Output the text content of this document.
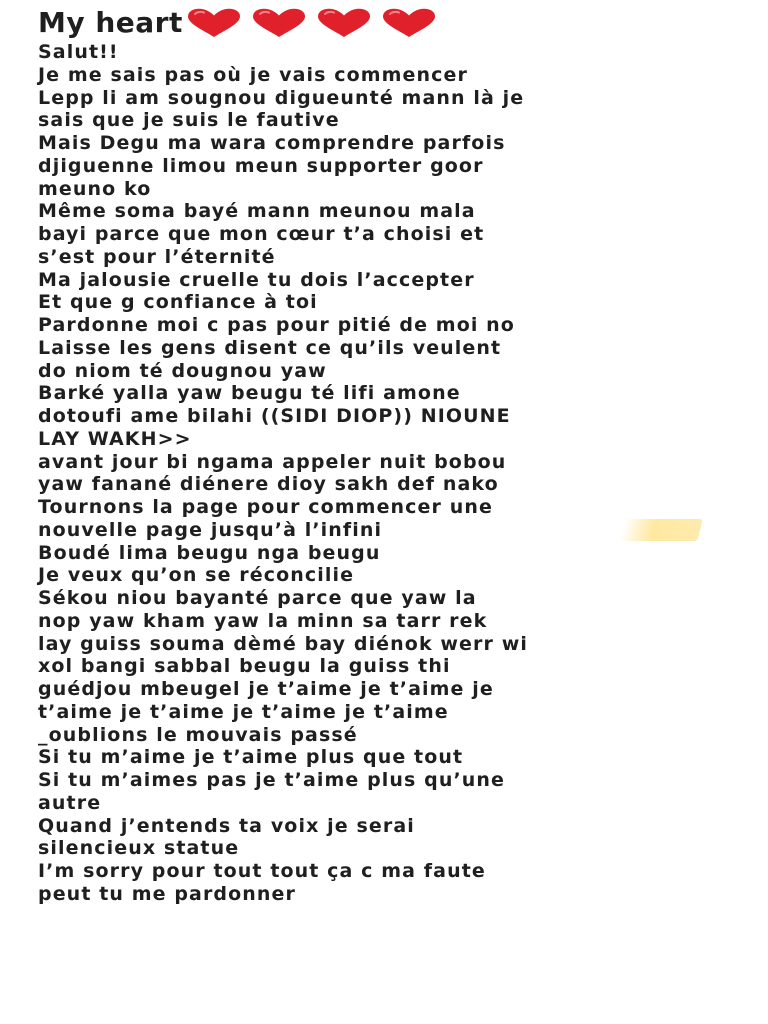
My heart
Salut!!
Je me sais pas où je vais commencer
Lepp li am sougnou digueunté mann là je
sais que je suis le fautive
Mais Degu ma wara comprendre parfois
djiguenne limou meun supporter goor
meuno ko
Même soma bayé mann meunou mala
bayi parce que mon cœur t’a choisi et
s’est pour l’éternité
Ma jalousie cruelle tu dois l’accepter
Et que g confiance à toi
Pardonne moi c pas pour pitié de moi no
Laisse les gens disent ce qu’ils veulent
do niom té dougnou yaw
Barké yalla yaw beugu té lifi amone
dotoufi ame bilahi ((SIDI DIOP)) NIOUNE
LAY WAKH>>
avant jour bi ngama appeler nuit bobou
yaw fanané diénere dioy sakh def nako
Tournons la page pour commencer une
nouvelle page jusqu’à l’infini
Boudé lima beugu nga beugu
Je veux qu’on se réconcilie
Sékou niou bayanté parce que yaw la
nop yaw kham yaw la minn sa tarr rek
lay guiss souma dèmé bay diénok werr wi
xol bangi sabbal beugu la guiss thi
guédjou mbeugel je t’aime je t’aime je
t’aime je t’aime je t’aime je t’aime
_oublions le mouvais passé
Si tu m’aime je t’aime plus que tout
Si tu m’aimes pas je t’aime plus qu’une
autre
Quand j’entends ta voix je serai
silencieux statue
I’m sorry pour tout tout ça c ma faute
peut tu me pardonner
